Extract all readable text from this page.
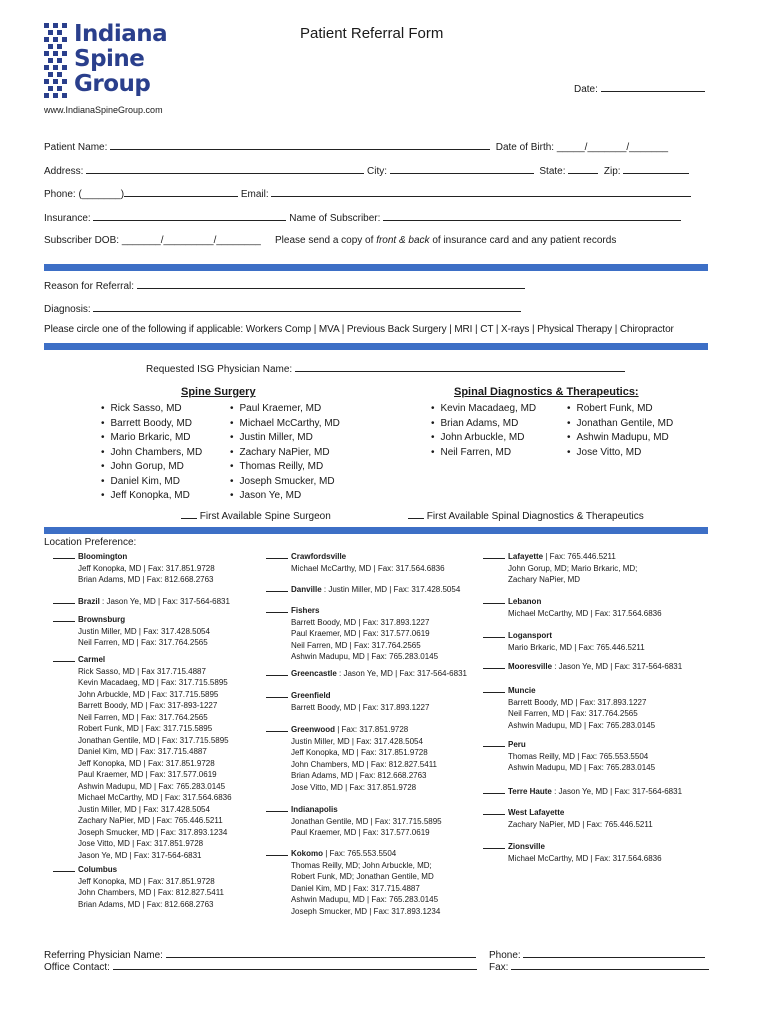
Indiana
Spine
Group
Patient Referral Form
Date:
www.IndianaSpineGroup.com
Patient Name:	Date of Birth: _____/_______/_______
Address:	City:	State:	Zip:
Phone: (_______)	Email:
Insurance:	Name of Subscriber:
Subscriber DOB: _______/_________/________ Please send a copy of front & back of insurance card and any patient records
Reason for Referral:
Diagnosis:
Please circle one of the following if applicable: Workers Comp | MVA | Previous Back Surgery | MRI | CT | X-rays | Physical Therapy | Chiropractor
Requested ISG Physician Name:
Spine Surgery	Spinal Diagnostics & Therapeutics:
• Rick Sasso, MD
• Barrett Boody, MD
• Mario Brkaric, MD
• John Chambers, MD
• John Gorup, MD
• Daniel Kim, MD
• Jeff Konopka, MD
• Paul Kraemer, MD
• Michael McCarthy, MD
• Justin Miller, MD
• Zachary NaPier, MD
• Thomas Reilly, MD
• Joseph Smucker, MD
• Jason Ye, MD
• Kevin Macadaeg, MD
• Brian Adams, MD
• John Arbuckle, MD
• Neil Farren, MD
• Robert Funk, MD
• Jonathan Gentile, MD
• Ashwin Madupu, MD
• Jose Vitto, MD
First Available Spine Surgeon	First Available Spinal Diagnostics & Therapeutics
Location Preference:
Bloomington
Jeff Konopka, MD | Fax: 317.851.9728
Brian Adams, MD | Fax: 812.668.2763
Brazil : Jason Ye, MD | Fax: 317-564-6831
Brownsburg
Justin Miller, MD | Fax: 317.428.5054
Neil Farren, MD | Fax: 317.764.2565
Carmel
Rick Sasso, MD | Fax 317.715.4887
Kevin Macadaeg, MD | Fax: 317.715.5895
John Arbuckle, MD | Fax: 317.715.5895
Barrett Boody, MD | Fax: 317-893-1227
Neil Farren, MD | Fax: 317.764.2565
Robert Funk, MD | Fax: 317.715.5895
Jonathan Gentile, MD | Fax: 317.715.5895
Daniel Kim, MD | Fax: 317.715.4887
Jeff Konopka, MD | Fax: 317.851.9728
Paul Kraemer, MD | Fax: 317.577.0619
Ashwin Madupu, MD | Fax: 765.283.0145
Michael McCarthy, MD | Fax: 317.564.6836
Justin Miller, MD | Fax: 317.428.5054
Zachary NaPier, MD | Fax: 765.446.5211
Joseph Smucker, MD | Fax: 317.893.1234
Jose Vitto, MD | Fax: 317.851.9728
Jason Ye, MD | Fax: 317-564-6831
Columbus
Jeff Konopka, MD | Fax: 317.851.9728
John Chambers, MD | Fax: 812.827.5411
Brian Adams, MD | Fax: 812.668.2763
Crawfordsville
Michael McCarthy, MD | Fax: 317.564.6836
Danville : Justin Miller, MD | Fax: 317.428.5054
Fishers
Barrett Boody, MD | Fax: 317.893.1227
Paul Kraemer, MD | Fax: 317.577.0619
Neil Farren, MD | Fax: 317.764.2565
Ashwin Madupu, MD | Fax: 765.283.0145
Greencastle : Jason Ye, MD | Fax: 317-564-6831
Greenfield
Barrett Boody, MD | Fax: 317.893.1227
Greenwood | Fax: 317.851.9728
Justin Miller, MD | Fax: 317.428.5054
Jeff Konopka, MD | Fax: 317.851.9728
John Chambers, MD | Fax: 812.827.5411
Brian Adams, MD | Fax: 812.668.2763
Jose Vitto, MD | Fax: 317.851.9728
Indianapolis
Jonathan Gentile, MD | Fax: 317.715.5895
Paul Kraemer, MD | Fax: 317.577.0619
Kokomo | Fax: 765.553.5504
Thomas Reilly, MD; John Arbuckle, MD;
Robert Funk, MD; Jonathan Gentile, MD
Daniel Kim, MD | Fax: 317.715.4887
Ashwin Madupu, MD | Fax: 765.283.0145
Joseph Smucker, MD | Fax: 317.893.1234
Lafayette | Fax: 765.446.5211
John Gorup, MD; Mario Brkaric, MD;
Zachary NaPier, MD
Lebanon
Michael McCarthy, MD | Fax: 317.564.6836
Logansport
Mario Brkaric, MD | Fax: 765.446.5211
Mooresville : Jason Ye, MD | Fax: 317-564-6831
Muncie
Barrett Boody, MD | Fax: 317.893.1227
Neil Farren, MD | Fax: 317.764.2565
Ashwin Madupu, MD | Fax: 765.283.0145
Peru
Thomas Reilly, MD | Fax: 765.553.5504
Ashwin Madupu, MD | Fax: 765.283.0145
Terre Haute : Jason Ye, MD | Fax: 317-564-6831
West Lafayette
Zachary NaPier, MD | Fax: 765.446.5211
Zionsville
Michael McCarthy, MD | Fax: 317.564.6836
Referring Physician Name:
Office Contact:
Phone:
Fax:
